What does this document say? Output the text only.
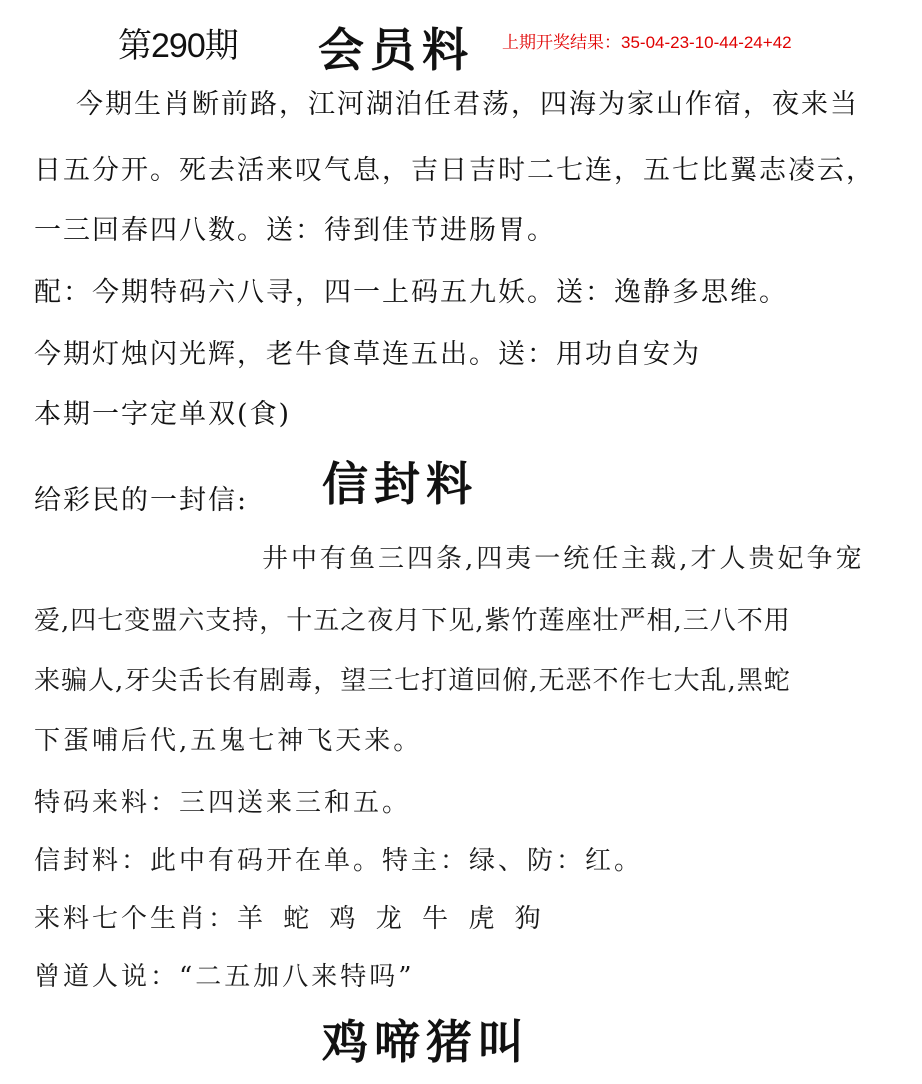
第290期 会员料 上期开奖结果：35-04-23-10-44-24+42
今期生肖断前路，江河湖泊任君荡，四海为家山作宿，夜来当
日五分开。死去活来叹气息，吉日吉时二七连，五七比翼志凌云，
一三回春四八数。送：待到佳节进肠胃。
配：今期特码六八寻，四一上码五九妖。送：逸静多思维。
今期灯烛闪光辉，老牛食草连五出。送：用功自安为
本期一字定单双(食)
信封料
给彩民的一封信:
井中有鱼三四条,四夷一统任主裁,才人贵妃争宠
爱,四七变盟六支持，十五之夜月下见,紫竹莲座壮严相,三八不用
来骗人,牙尖舌长有剧毒，望三七打道回俯,无恶不作七大乱,黑蛇
下蛋哺后代,五鬼七神飞天来。
特码来料：三四送来三和五。
信封料：此中有码开在单。特主：绿、防：红。
来料七个生肖：羊 蛇 鸡 龙 牛 虎 狗
曾道人说：“二五加八来特吗”
鸡啼猪叫
